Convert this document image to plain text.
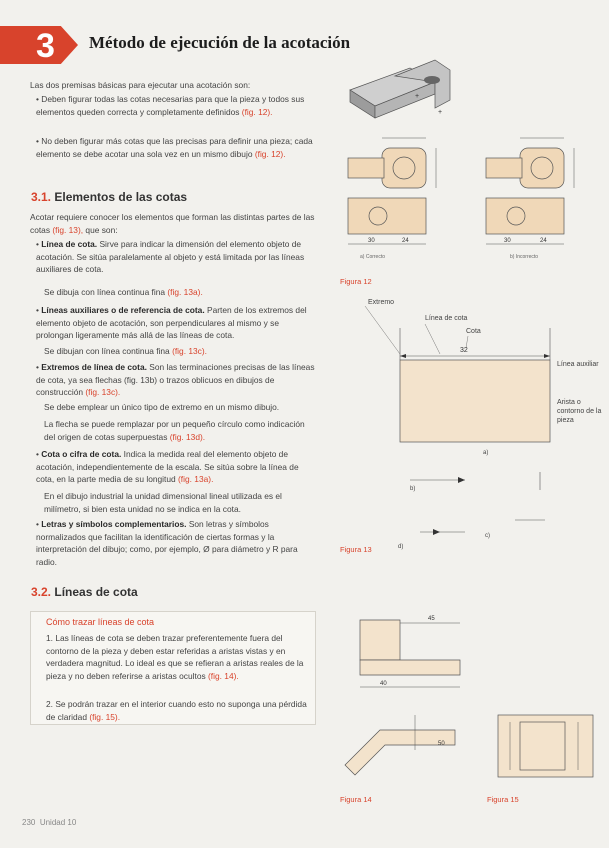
3 Método de ejecución de la acotación
Las dos premisas básicas para ejecutar una acotación son:
• Deben figurar todas las cotas necesarias para que la pieza y todos sus elementos queden correcta y completamente definidos (fig. 12).
• No deben figurar más cotas que las precisas para definir una pieza; cada elemento se debe acotar una sola vez en un mismo dibujo (fig. 12).
3.1. Elementos de las cotas
Acotar requiere conocer los elementos que forman las distintas partes de las cotas (fig. 13), que son:
• Línea de cota. Sirve para indicar la dimensión del elemento objeto de acotación. Se sitúa paralelamente al objeto y está limitada por las líneas auxiliares de cota.
Se dibuja con línea continua fina (fig. 13a).
• Líneas auxiliares o de referencia de cota. Parten de los extremos del elemento objeto de acotación, son perpendiculares al mismo y se prolongan ligeramente más allá de las líneas de cota.
Se dibujan con línea continua fina (fig. 13c).
• Extremos de línea de cota. Son las terminaciones precisas de las líneas de cota, ya sea flechas (fig. 13b) o trazos oblicuos en dibujos de construcción (fig. 13c).
Se debe emplear un único tipo de extremo en un mismo dibujo.
La flecha se puede remplazar por un pequeño círculo como indicación del origen de cotas superpuestas (fig. 13d).
• Cota o cifra de cota. Indica la medida real del elemento objeto de acotación, independientemente de la escala. Se sitúa sobre la línea de cota, en la parte media de su longitud (fig. 13a).
En el dibujo industrial la unidad dimensional lineal utilizada es el milímetro, si bien esta unidad no se indica en la cota.
• Letras y símbolos complementarios. Son letras y símbolos normalizados que facilitan la identificación de ciertas formas y la interpretación del dibujo; como, por ejemplo, Ø para diámetro y R para radio.
3.2. Líneas de cota
Cómo trazar líneas de cota
1. Las líneas de cota se deben trazar preferentemente fuera del contorno de la pieza y deben estar referidas a aristas vistas y en verdadera magnitud. Lo ideal es que se refieran a aristas reales de la pieza y no deben referirse a aristas ocultos (fig. 14).
2. Se podrán trazar en el interior cuando esto no suponga una pérdida de claridad (fig. 15).
+
+
30	24
a) Correcto
30	24
b) Incorrecto
Figura 12
32
Extremo
Línea de cota
Cota
Línea auxiliar
Arista o contorno de la pieza
a)
b)
c)
d)
Figura 13
45
40
50
Figura 14	Figura 15
230 Unidad 10
